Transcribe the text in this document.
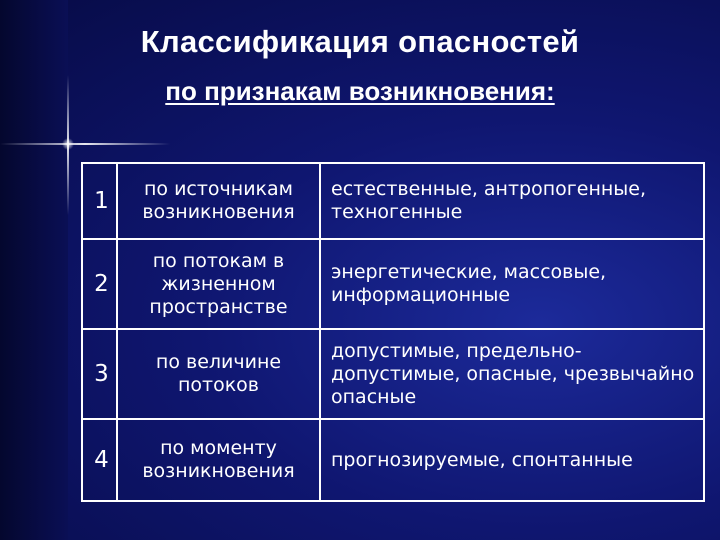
Классификация опасностей
по признакам возникновения:
1	по источникам возникновения	естественные, антропогенные, техногенные

2	по потокам в жизненном пространстве	энергетические, массовые, информационные

3	по величине потоков	допустимые, предельно-допустимые, опасные, чрезвычайно опасные

4	по моменту возникновения	прогнозируемые, спонтанные
